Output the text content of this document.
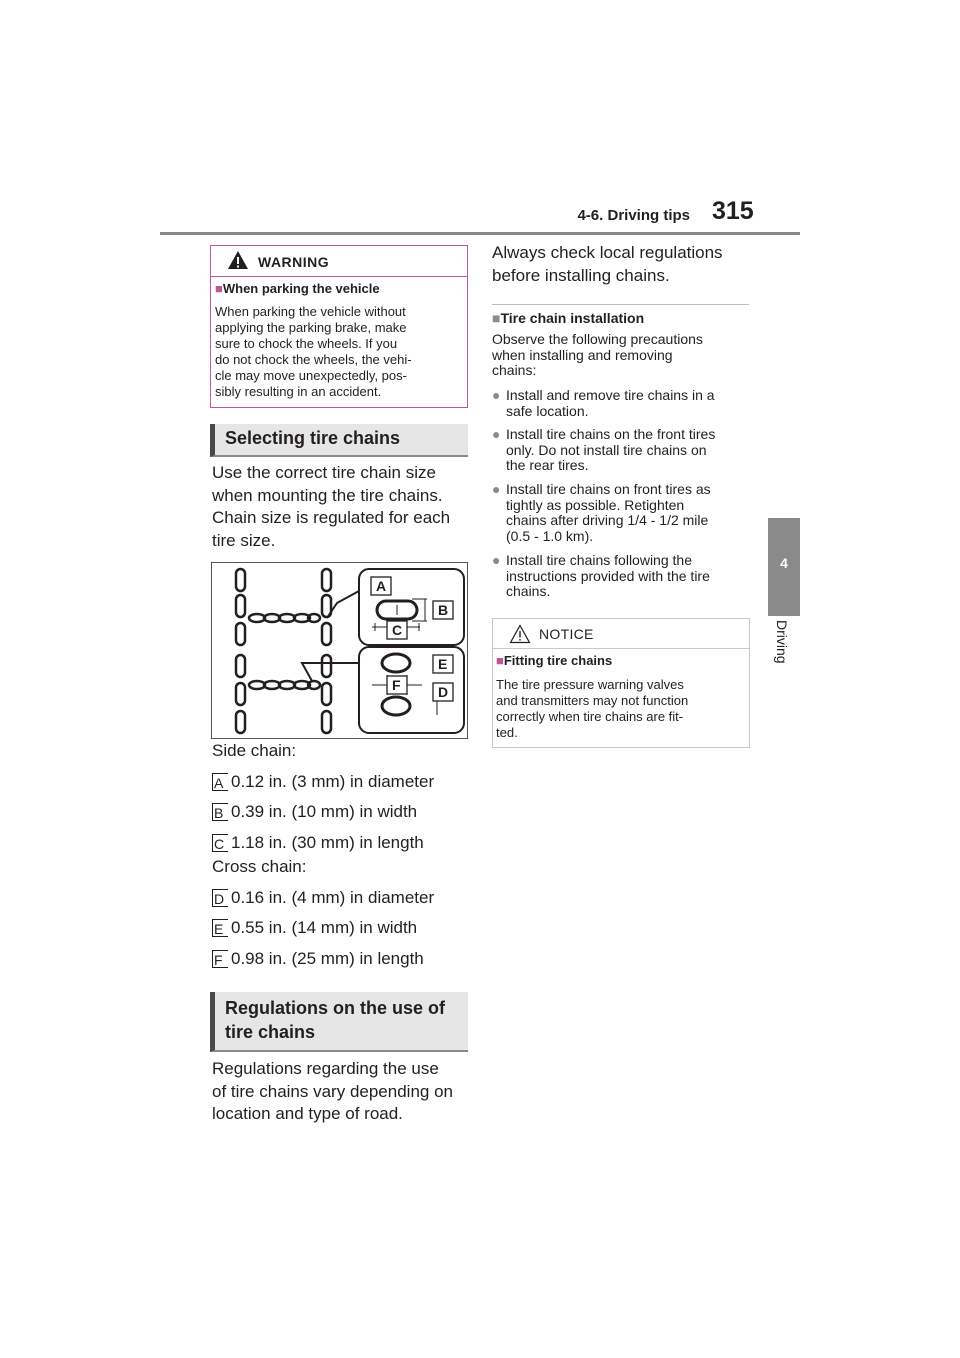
4-6. Driving tips 315
4
Driving
WARNING
■When parking the vehicle
When parking the vehicle without
applying the parking brake, make
sure to chock the wheels. If you
do not chock the wheels, the vehi-
cle may move unexpectedly, pos-
sibly resulting in an accident.
Selecting tire chains
Use the correct tire chain size
when mounting the tire chains.
Chain size is regulated for each
tire size.
A
B
C
E
F	D
Side chain:
A 0.12 in. (3 mm) in diameter
B 0.39 in. (10 mm) in width
C 1.18 in. (30 mm) in length
Cross chain:
D 0.16 in. (4 mm) in diameter
E 0.55 in. (14 mm) in width
F 0.98 in. (25 mm) in length
Regulations on the use of
tire chains
Regulations regarding the use
of tire chains vary depending on
location and type of road.
Always check local regulations
before installing chains.
■Tire chain installation
Observe the following precautions
when installing and removing
chains:
● Install and remove tire chains in a
safe location.
● Install tire chains on the front tires
only. Do not install tire chains on
the rear tires.
● Install tire chains on front tires as
tightly as possible. Retighten
chains after driving 1/4 - 1/2 mile
(0.5 - 1.0 km).
● Install tire chains following the
instructions provided with the tire
chains.
NOTICE
■Fitting tire chains
The tire pressure warning valves
and transmitters may not function
correctly when tire chains are fit-
ted.
